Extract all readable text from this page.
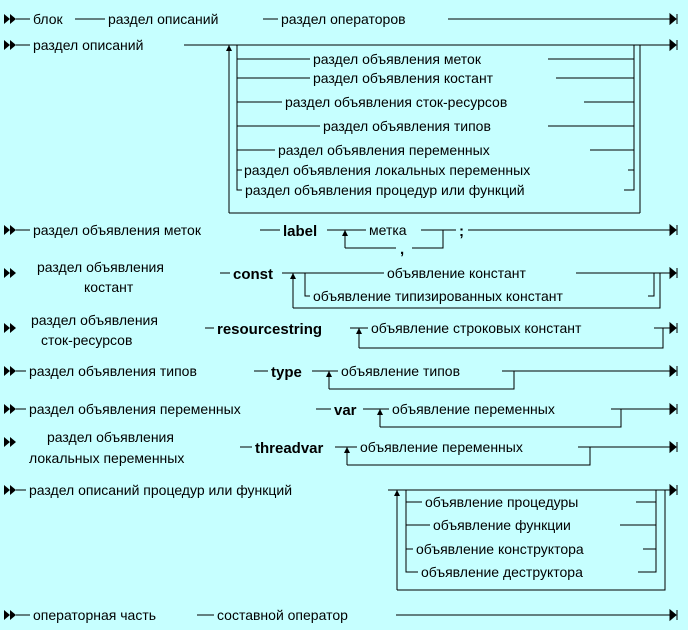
блок	раздел описаний	раздел операторов
раздел описаний
раздел объявления меток
раздел объявления костант
раздел объявления сток-ресурсов
раздел объявления типов
раздел объявления переменных
раздел объявления локальных переменных
раздел объявления процедур или функций
раздел объявления меток	label	метка	;
,
раздел объявления
костант
const	объявление констант
объявление типизированных констант
раздел объявления
сток-ресурсов
resourcestring	объявление строковых констант
раздел объявления типов	type	объявление типов
раздел объявления переменных	var	объявление переменных
раздел объявления
локальных переменных
threadvar	объявление переменных
раздел описаний процедур или функций
объявление процедуры
объявление функции
объявление конструктора
объявление деструктора
операторная часть	составной оператор
